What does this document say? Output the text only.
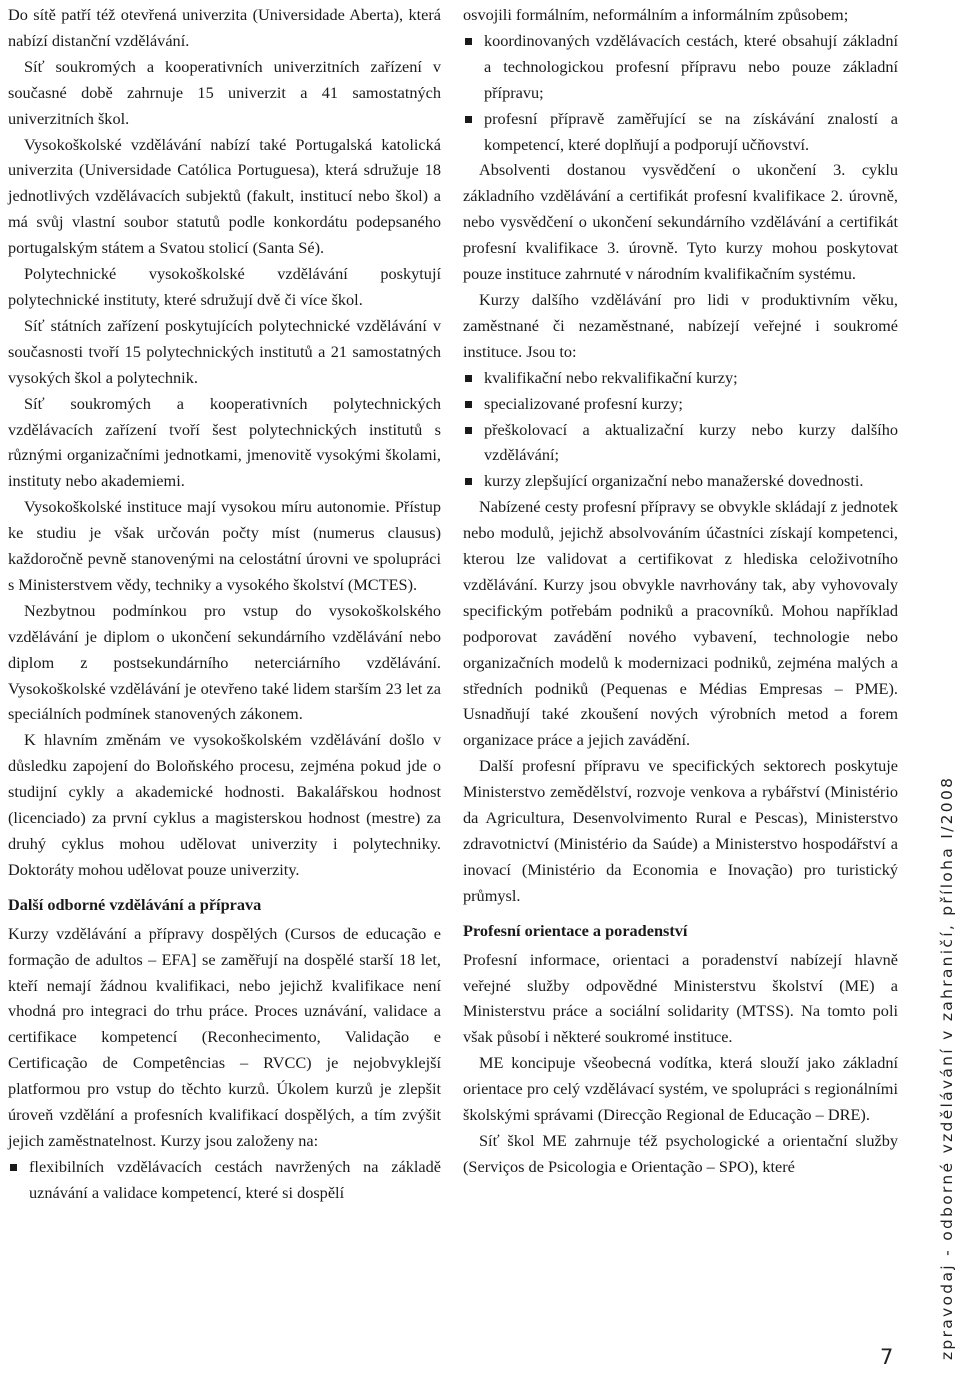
Do sítě patří též otevřená univerzita (Universidade Aberta), která nabízí distanční vzdělávání.

Síť soukromých a kooperativních univerzitních zařízení v současné době zahrnuje 15 univerzit a 41 samostatných univerzitních škol.

Vysokoškolské vzdělávání nabízí také Portugalská katolická univerzita (Universidade Católica Portuguesa), která sdružuje 18 jednotlivých vzdělávacích subjektů (fakult, institucí nebo škol) a má svůj vlastní soubor statutů podle konkordátu podepsaného portugalským státem a Svatou stolicí (Santa Sé).

Polytechnické vysokoškolské vzdělávání poskytují polytechnické instituty, které sdružují dvě či více škol.

Síť státních zařízení poskytujících polytechnické vzdělávání v současnosti tvoří 15 polytechnických institutů a 21 samostatných vysokých škol a polytechnik.

Síť soukromých a kooperativních polytechnických vzdělávacích zařízení tvoří šest polytechnických institutů s různými organizačními jednotkami, jmenovitě vysokými školami, instituty nebo akademiemi.

Vysokoškolské instituce mají vysokou míru autonomie. Přístup ke studiu je však určován počty míst (numerus clausus) každoročně pevně stanovenými na celostátní úrovni ve spolupráci s Ministerstvem vědy, techniky a vysokého školství (MCTES).

Nezbytnou podmínkou pro vstup do vysokoškolského vzdělávání je diplom o ukončení sekundárního vzdělávání nebo diplom z postsekundárního neterciárního vzdělávání. Vysokoškolské vzdělávání je otevřeno také lidem starším 23 let za speciálních podmínek stanovených zákonem.

K hlavním změnám ve vysokoškolském vzdělávání došlo v důsledku zapojení do Boloňského procesu, zejména pokud jde o studijní cykly a akademické hodnosti. Bakalářskou hodnost (licenciado) za první cyklus a magisterskou hodnost (mestre) za druhý cyklus mohou udělovat univerzity i polytechniky. Doktoráty mohou udělovat pouze univerzity.

Další odborné vzdělávání a příprava

Kurzy vzdělávání a přípravy dospělých (Cursos de educação e formação de adultos – EFA] se zaměřují na dospělé starší 18 let, kteří nemají žádnou kvalifikaci, nebo jejichž kvalifikace není vhodná pro integraci do trhu práce. Proces uznávání, validace a certifikace kompetencí (Reconhecimento, Validação e Certificação de Competências – RVCC) je nejobvyklejší platformou pro vstup do těchto kurzů. Úkolem kurzů je zlepšit úroveň vzdělání a profesních kvalifikací dospělých, a tím zvýšit jejich zaměstnatelnost. Kurzy jsou založeny na:

flexibilních vzdělávacích cestách navržených na základě uznávání a validace kompetencí, které si dospělí

osvojili formálním, neformálním a informálním způsobem;

koordinovaných vzdělávacích cestách, které obsahují základní a technologickou profesní přípravu nebo pouze základní přípravu;
profesní přípravě zaměřující se na získávání znalostí a kompetencí, které doplňují a podporují učňovství.

Absolventi dostanou vysvědčení o ukončení 3. cyklu základního vzdělávání a certifikát profesní kvalifikace 2. úrovně, nebo vysvědčení o ukončení sekundárního vzdělávání a certifikát profesní kvalifikace 3. úrovně. Tyto kurzy mohou poskytovat pouze instituce zahrnuté v národním kvalifikačním systému.

Kurzy dalšího vzdělávání pro lidi v produktivním věku, zaměstnané či nezaměstnané, nabízejí veřejné i soukromé instituce. Jsou to:

kvalifikační nebo rekvalifikační kurzy;
specializované profesní kurzy;
přeškolovací a aktualizační kurzy nebo kurzy dalšího vzdělávání;
kurzy zlepšující organizační nebo manažerské dovednosti.

Nabízené cesty profesní přípravy se obvykle skládají z jednotek nebo modulů, jejichž absolvováním účastníci získají kompetenci, kterou lze validovat a certifikovat z hlediska celoživotního vzdělávání. Kurzy jsou obvykle navrhovány tak, aby vyhovovaly specifickým potřebám podniků a pracovníků. Mohou například podporovat zavádění nového vybavení, technologie nebo organizačních modelů k modernizaci podniků, zejména malých a středních podniků (Pequenas e Médias Empresas – PME). Usnadňují také zkoušení nových výrobních metod a forem organizace práce a jejich zavádění.

Další profesní přípravu ve specifických sektorech poskytuje Ministerstvo zemědělství, rozvoje venkova a rybářství (Ministério da Agricultura, Desenvolvimento Rural e Pescas), Ministerstvo zdravotnictví (Ministério da Saúde) a Ministerstvo hospodářství a inovací (Ministério da Economia e Inovação) pro turistický průmysl.

Profesní orientace a poradenství

Profesní informace, orientaci a poradenství nabízejí hlavně veřejné služby odpovědné Ministerstvu školství (ME) a Ministerstvu práce a sociální solidarity (MTSS). Na tomto poli však působí i některé soukromé instituce.

ME koncipuje všeobecná vodítka, která slouží jako základní orientace pro celý vzdělávací systém, ve spolupráci s regionálními školskými správami (Direcção Regional de Educação – DRE).

Síť škol ME zahrnuje též psychologické a orientační služby (Serviços de Psicologia e Orientação – SPO), které	zpravodaj - odborné vzdělávání v zahraničí, příloha I/2008
7
